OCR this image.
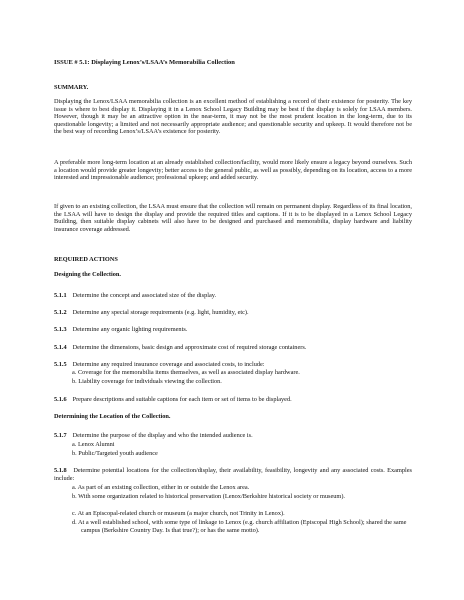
ISSUE # 5.1: Displaying Lenox’s/LSAA’s Memorabilia Collection
SUMMARY.
Displaying the Lenox/LSAA memorabilia collection is an excellent method of establishing a record of their existence for posterity. The key issue is where to best display it. Displaying it in a Lenox School Legacy Building may be best if the display is solely for LSAA members. However, though it may be an attractive option in the near-term, it may not be the most prudent location in the long-term, due to its questionable longevity; a limited and not necessarily appropriate audience; and questionable security and upkeep. It would therefore not be the best way of recording Lenox’s/LSAA’s existence for posterity.
A preferable more long-term location at an already established collection/facility, would more likely ensure a legacy beyond ourselves. Such a location would provide greater longevity; better access to the general public, as well as possibly, depending on its location, access to a more interested and impressionable audience; professional upkeep; and added security.
If given to an existing collection, the LSAA must ensure that the collection will remain on permanent display. Regardless of its final location, the LSAA will have to design the display and provide the required titles and captions. If it is to be displayed in a Lenox School Legacy Building, then suitable display cabinets will also have to be designed and purchased and memorabilia, display hardware and liability insurance coverage addressed.
REQUIRED ACTIONS
Designing the Collection.
5.1.1 Determine the concept and associated size of the display.
5.1.2 Determine any special storage requirements (e.g. light, humidity, etc).
5.1.3 Determine any organic lighting requirements.
5.1.4 Determine the dimensions, basic design and approximate cost of required storage containers.
5.1.5 Determine any required insurance coverage and associated costs, to include:
a. Coverage for the memorabilia items themselves, as well as associated display hardware.
b. Liability coverage for individuals viewing the collection.
5.1.6 Prepare descriptions and suitable captions for each item or set of items to be displayed.
Determining the Location of the Collection.
5.1.7 Determine the purpose of the display and who the intended audience is.
a. Lenox Alumni
b. Public/Targeted youth audience
5.1.8 Determine potential locations for the collection/display, their availability, feasibility, longevity and any associated costs. Examples include:
a. As part of an existing collection, either in or outside the Lenox area.
b. With some organization related to historical preservation (Lenox/Berkshire historical society or museum).
c. At an Episcopal-related church or museum (a major church, not Trinity in Lenox).
d. At a well established school, with some type of linkage to Lenox (e.g. church affiliation (Episcopal High School); shared the same campus (Berkshire Country Day. Is that true?); or has the same motto).
